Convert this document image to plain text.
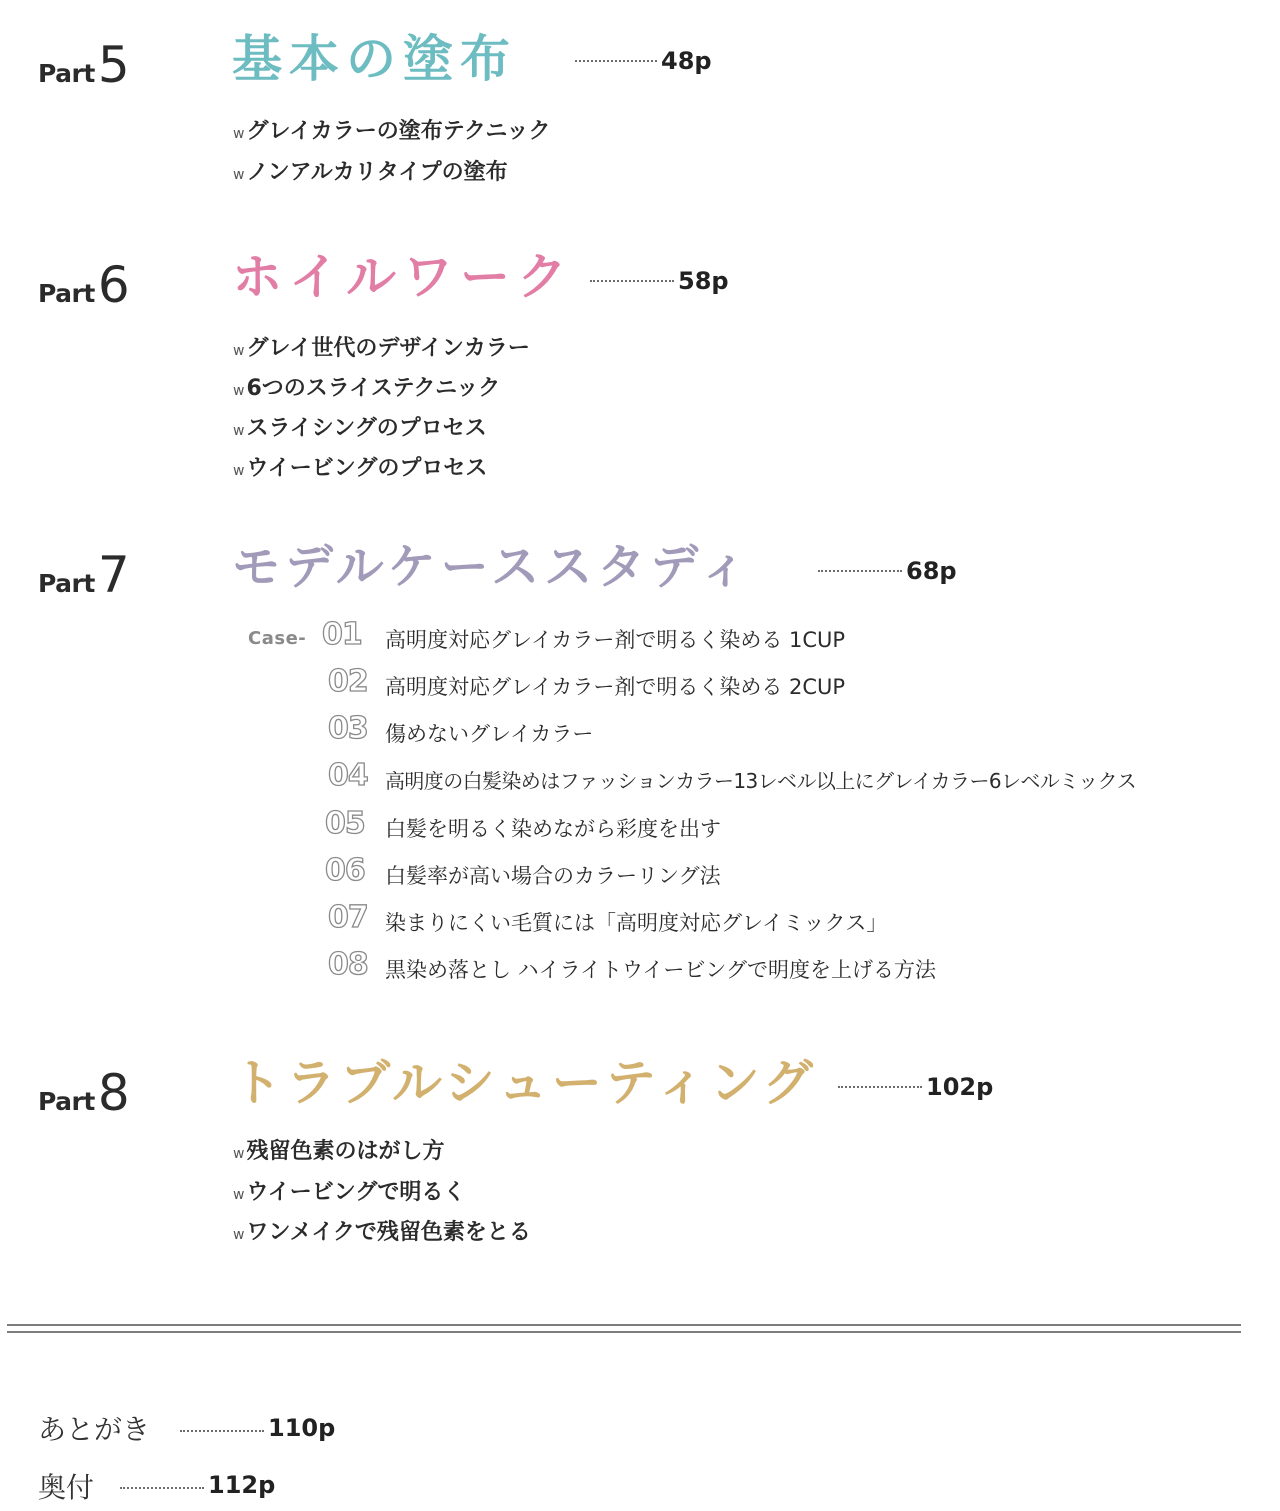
Part5 基本の塗布	48p
wグレイカラーの塗布テクニック
wノンアルカリタイプの塗布
Part6 ホイルワーク	58p
wグレイ世代のデザインカラー
w6つのスライステクニック
wスライシングのプロセス
wウイービングのプロセス
Part7 モデルケーススタディ	68p
Case- 01 高明度対応グレイカラー剤で明るく染める 1CUP
02 高明度対応グレイカラー剤で明るく染める 2CUP
03 傷めないグレイカラー
04 高明度の白髪染めはファッションカラー13レベル以上にグレイカラー6レベルミックス
05 白髪を明るく染めながら彩度を出す
06 白髪率が高い場合のカラーリング法
07 染まりにくい毛質には「高明度対応グレイミックス」
08 黒染め落とし ハイライトウイービングで明度を上げる方法
Part8 トラブルシューティング	102p
w残留色素のはがし方
wウイービングで明るく
wワンメイクで残留色素をとる
あとがき	110p
奥付	112p
